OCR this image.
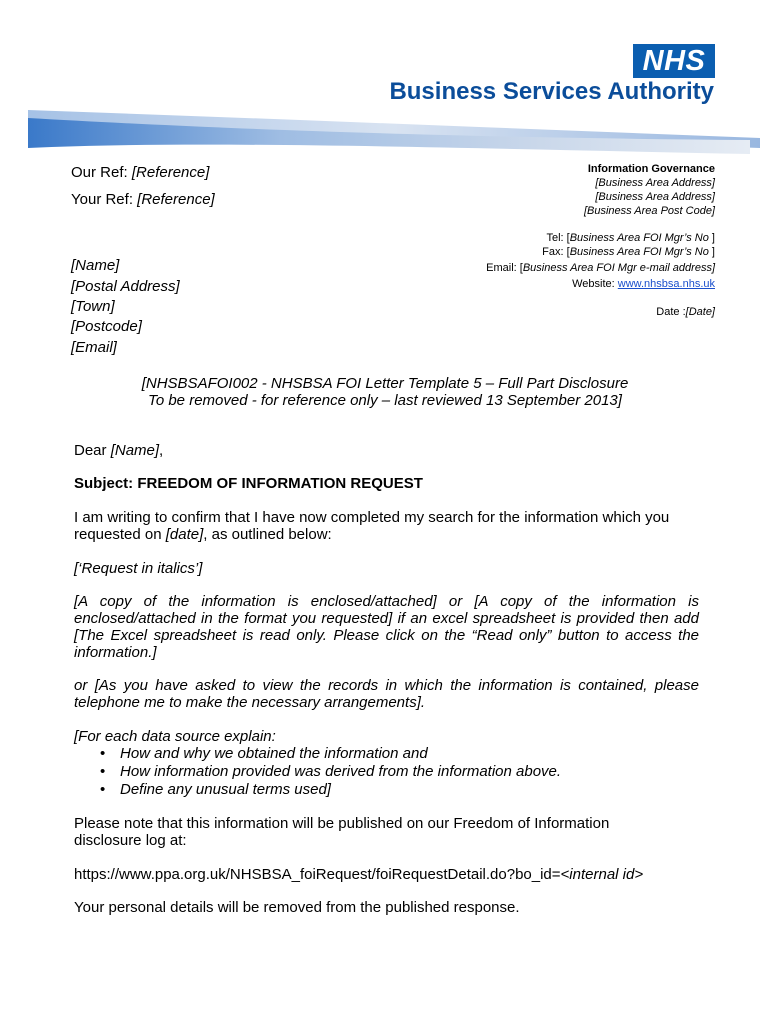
NHS
Business Services Authority
Our Ref: [Reference]
Your Ref: [Reference]
Information Governance
[Business Area Address]
[Business Area Address]
[Business Area Post Code]
Tel: [Business Area FOI Mgr’s No ]
Fax: [Business Area FOI Mgr’s No ]
Email: [Business Area FOI Mgr e-mail address]
Website: www.nhsbsa.nhs.uk
Date :[Date]
[Name]
[Postal Address]
[Town]
[Postcode]
[Email]
[NHSBSAFOI002 - NHSBSA FOI Letter Template 5 – Full Part Disclosure
To be removed - for reference only – last reviewed 13 September 2013]
Dear [Name],
Subject: FREEDOM OF INFORMATION REQUEST
I am writing to confirm that I have now completed my search for the information which you requested on [date], as outlined below:
[‘Request in italics’]
[A copy of the information is enclosed/attached] or [A copy of the information is enclosed/attached in the format you requested] if an excel spreadsheet is provided then add [The Excel spreadsheet is read only. Please click on the “Read only” button to access the information.]
or [As you have asked to view the records in which the information is contained, please telephone me to make the necessary arrangements].
[For each data source explain:
• How and why we obtained the information and
• How information provided was derived from the information above.
• Define any unusual terms used]
Please note that this information will be published on our Freedom of Information disclosure log at:
https://www.ppa.org.uk/NHSBSA_foiRequest/foiRequestDetail.do?bo_id=<internal id>
Your personal details will be removed from the published response.
